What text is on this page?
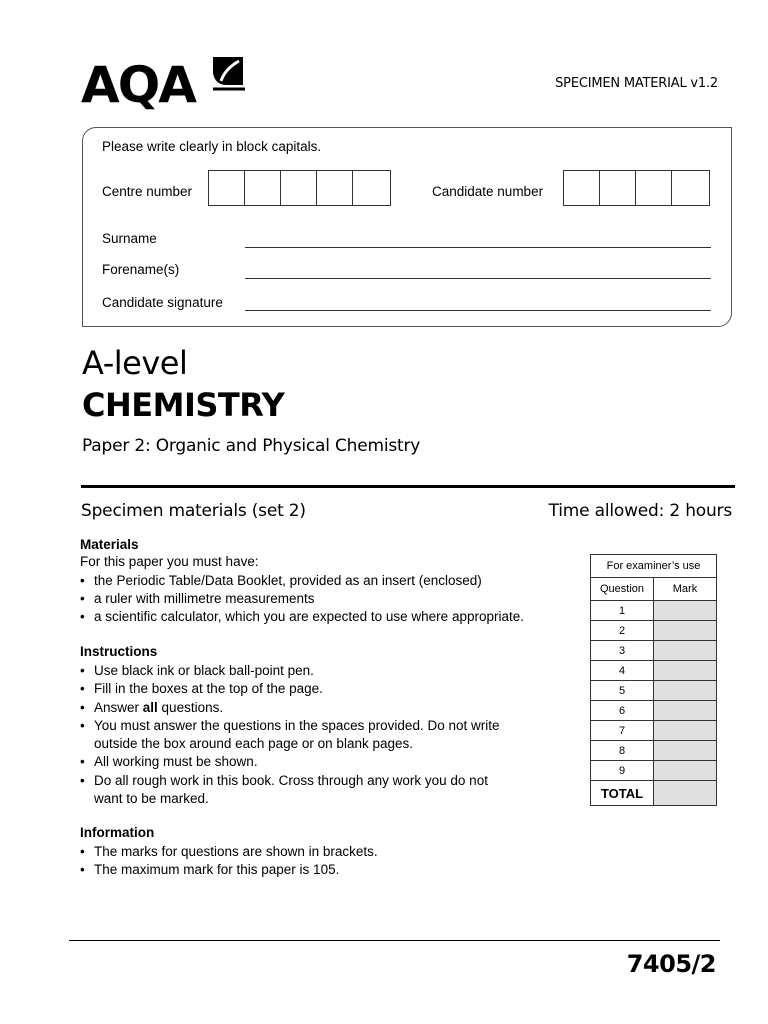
AQA	SPECIMEN MATERIAL v1.2
Please write clearly in block capitals.
Centre number	Candidate number
Surname
Forename(s)
Candidate signature
A-level
CHEMISTRY
Paper 2: Organic and Physical Chemistry
Specimen materials (set 2)	Time allowed: 2 hours
Materials
For this paper you must have:
• the Periodic Table/Data Booklet, provided as an insert (enclosed)
• a ruler with millimetre measurements
• a scientific calculator, which you are expected to use where appropriate.
Instructions
• Use black ink or black ball-point pen.
• Fill in the boxes at the top of the page.
• Answer all questions.
• You must answer the questions in the spaces provided. Do not write
outside the box around each page or on blank pages.
• All working must be shown.
• Do all rough work in this book. Cross through any work you do not
want to be marked.
Information
• The marks for questions are shown in brackets.
• The maximum mark for this paper is 105.
For examiner’s use	
Question	Mark
1	
2	
3	
4	
5	
6	
7	
8	
9	
TOTAL	
7405/2
